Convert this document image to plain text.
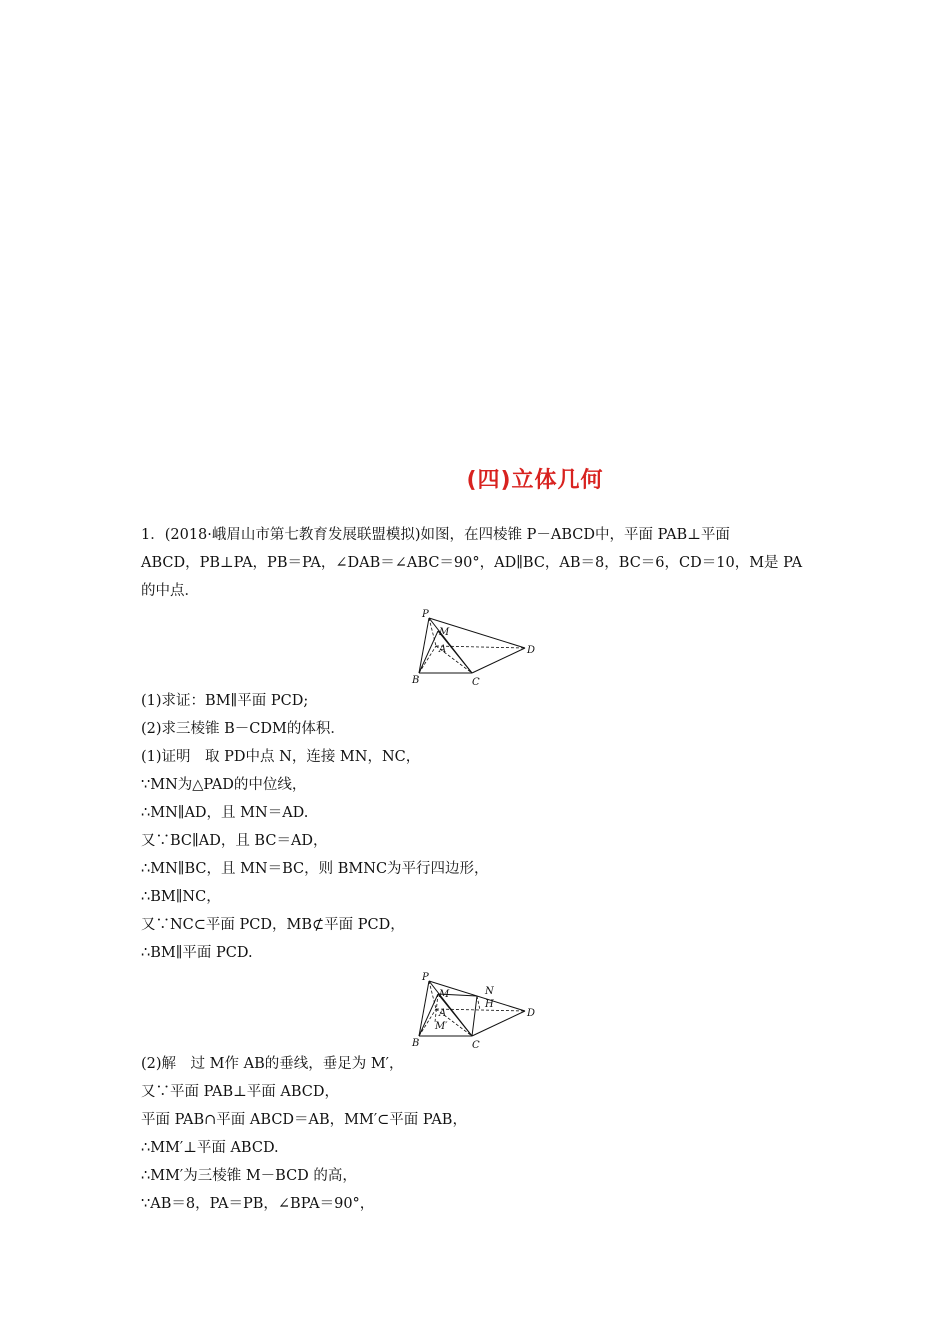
(四)立体几何
1．(2018·峨眉山市第七教育发展联盟模拟)如图，在四棱锥 P－ABCD中，平面 PAB⊥平面
ABCD，PB⊥PA，PB＝PA，∠DAB＝∠ABC＝90°，AD∥BC，AB＝8，BC＝6，CD＝10，M是 PA
的中点．
P
M
A
B	C
D
(1)求证：BM∥平面 PCD;
(2)求三棱锥 B－CDM的体积．
(1)证明　取 PD中点 N，连接 MN，NC，
∵MN为△PAD的中位线，
∴MN∥AD，且 MN＝AD.
又∵BC∥AD，且 BC＝AD，
∴MN∥BC，且 MN＝BC，则 BMNC为平行四边形，
∴BM∥NC，
又∵NC⊂平面 PCD，MB⊄平面 PCD，
∴BM∥平面 PCD.
P
M	N
H
A
M′
B	C
D
(2)解　过 M作 AB的垂线，垂足为 M′，
又∵平面 PAB⊥平面 ABCD，
平面 PAB∩平面 ABCD＝AB，MM′⊂平面 PAB，
∴MM′⊥平面 ABCD.
∴MM′为三棱锥 M－BCD 的高，
∵AB＝8，PA＝PB，∠BPA＝90°，
